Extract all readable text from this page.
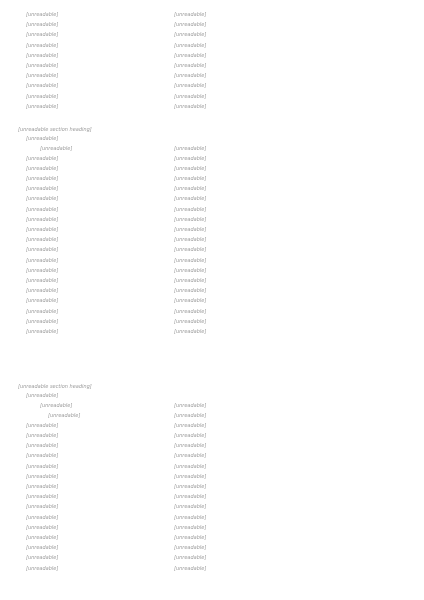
[unreadable]	[unreadable]
[unreadable]	[unreadable]
[unreadable]	[unreadable]
[unreadable]	[unreadable]
[unreadable]	[unreadable]
[unreadable]	[unreadable]
[unreadable]	[unreadable]
[unreadable]	[unreadable]
[unreadable]	[unreadable]
[unreadable]	[unreadable]
[unreadable section heading]
[unreadable]
[unreadable]	[unreadable]
[unreadable]	[unreadable]
[unreadable]	[unreadable]
[unreadable]	[unreadable]
[unreadable]	[unreadable]
[unreadable]	[unreadable]
[unreadable]	[unreadable]
[unreadable]	[unreadable]
[unreadable]	[unreadable]
[unreadable]	[unreadable]
[unreadable]	[unreadable]
[unreadable]	[unreadable]
[unreadable]	[unreadable]
[unreadable]	[unreadable]
[unreadable]	[unreadable]
[unreadable]	[unreadable]
[unreadable]	[unreadable]
[unreadable]	[unreadable]
[unreadable]	[unreadable]
[unreadable section heading]
[unreadable]
[unreadable]	[unreadable]
[unreadable]	[unreadable]
[unreadable]	[unreadable]
[unreadable]	[unreadable]
[unreadable]	[unreadable]
[unreadable]	[unreadable]
[unreadable]	[unreadable]
[unreadable]	[unreadable]
[unreadable]	[unreadable]
[unreadable]	[unreadable]
[unreadable]	[unreadable]
[unreadable]	[unreadable]
[unreadable]	[unreadable]
[unreadable]	[unreadable]
[unreadable]	[unreadable]
[unreadable]	[unreadable]
[unreadable]	[unreadable]
